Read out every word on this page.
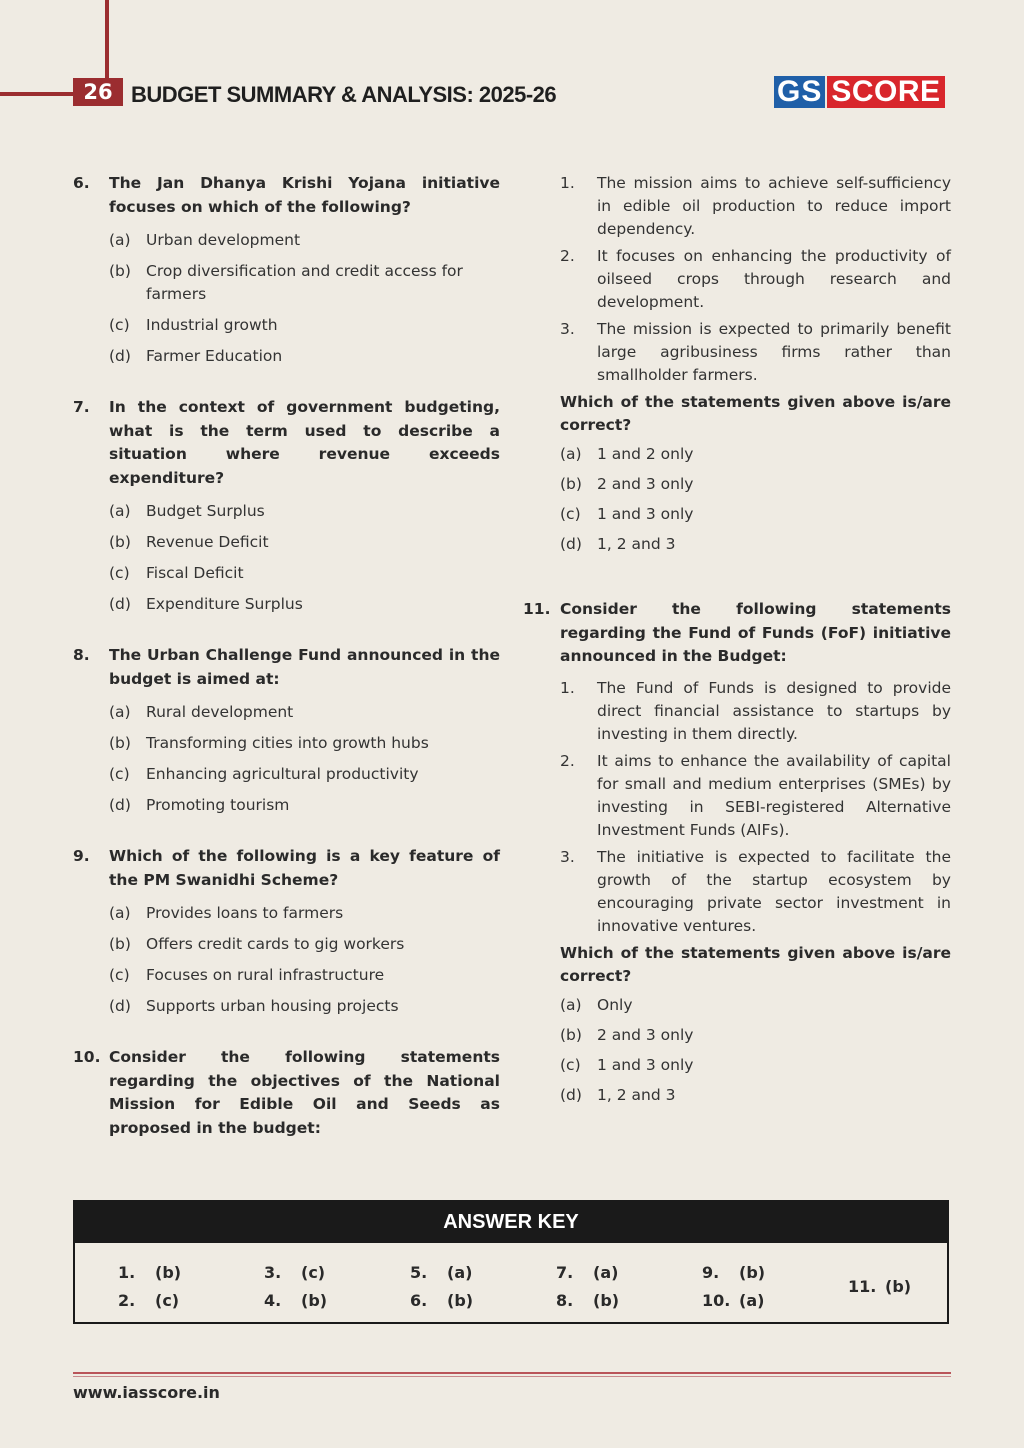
26 BUDGET SUMMARY & ANALYSIS: 2025-26	GS SCORE
6.	The Jan Dhanya Krishi Yojana initiative focuses on which of the following?
(a) Urban development
(b) Crop diversification and credit access for farmers
(c)	Industrial growth
(d) Farmer Education
7.	In the context of government budgeting, what is the term used to describe a situation where revenue exceeds expenditure?
(a) Budget Surplus
(b) Revenue Deficit
(c)	Fiscal Deficit
(d) Expenditure Surplus
8.	The Urban Challenge Fund announced in the budget is aimed at:
(a) Rural development
(b) Transforming cities into growth hubs
(c)	Enhancing agricultural productivity
(d) Promoting tourism
9.	Which of the following is a key feature of the PM Swanidhi Scheme?
(a) Provides loans to farmers
(b) Offers credit cards to gig workers
(c)	Focuses on rural infrastructure
(d) Supports urban housing projects
10. Consider the following statements regarding the objectives of the National Mission for Edible Oil and Seeds as proposed in the budget:
1.	The mission aims to achieve self-sufficiency in edible oil production to reduce import dependency.
2.	It focuses on enhancing the productivity of oilseed crops through research and development.
3.	The mission is expected to primarily benefit large agribusiness firms rather than smallholder farmers.
Which of the statements given above is/are correct?
(a) 1 and 2 only
(b) 2 and 3 only
(c)	1 and 3 only
(d) 1, 2 and 3
11. Consider the following statements regarding the Fund of Funds (FoF) initiative announced in the Budget:
1.	The Fund of Funds is designed to provide direct financial assistance to startups by investing in them directly.
2.	It aims to enhance the availability of capital for small and medium enterprises (SMEs) by investing in SEBI-registered Alternative Investment Funds (AIFs).
3.	The initiative is expected to facilitate the growth of the startup ecosystem by encouraging private sector investment in innovative ventures.
Which of the statements given above is/are correct?
(a) Only
(b) 2 and 3 only
(c)	1 and 3 only
(d) 1, 2 and 3
ANSWER KEY
1. (b)
2. (c)
3. (c)
4. (b)
5. (a)
6. (b)
7. (a)
8. (b)
9. (b)
10. (a)
11. (b)
www.iasscore.in
